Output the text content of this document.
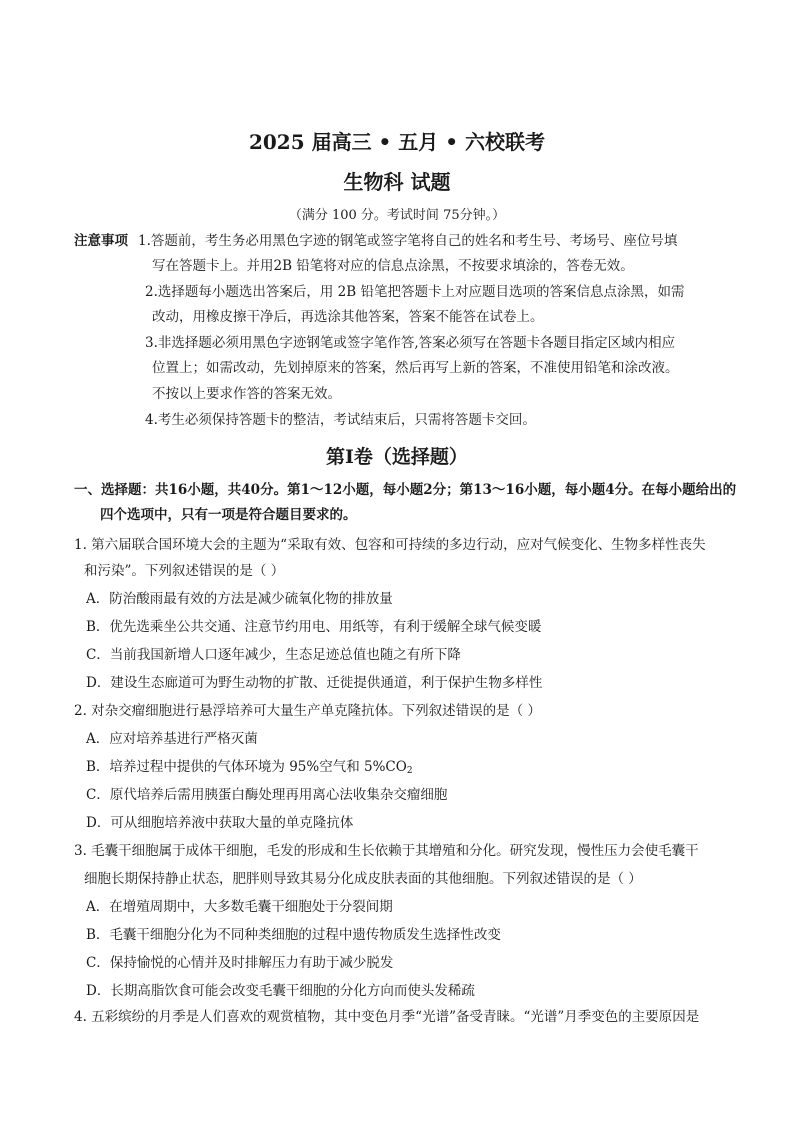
2025 届高三 • 五月 • 六校联考
生物科 试题
（满分 100 分。考试时间 75分钟。）
注意事项 1.答题前，考生务必用黑色字迹的钢笔或签字笔将自己的姓名和考生号、考场号、座位号填
写在答题卡上。并用2B 铅笔将对应的信息点涂黑，不按要求填涂的，答卷无效。
2.选择题每小题选出答案后，用 2B 铅笔把答题卡上对应题目选项的答案信息点涂黑，如需
改动，用橡皮擦干净后，再选涂其他答案，答案不能答在试卷上。
3.非选择题必须用黑色字迹钢笔或签字笔作答,答案必须写在答题卡各题目指定区域内相应
位置上；如需改动，先划掉原来的答案，然后再写上新的答案，不准使用铅笔和涂改液。
不按以上要求作答的答案无效。
4.考生必须保持答题卡的整洁，考试结束后，只需将答题卡交回。
第Ⅰ卷（选择题）
一、选择题：共16小题，共40分。第1～12小题，每小题2分；第13～16小题，每小题4分。在每小题给出的
四个选项中，只有一项是符合题目要求的。
1. 第六届联合国环境大会的主题为“采取有效、包容和可持续的多边行动，应对气候变化、生物多样性丧失
和污染”。下列叙述错误的是（ ）
A．防治酸雨最有效的方法是减少硫氧化物的排放量
B．优先选乘坐公共交通、注意节约用电、用纸等，有利于缓解全球气候变暖
C．当前我国新增人口逐年减少，生态足迹总值也随之有所下降
D．建设生态廊道可为野生动物的扩散、迁徙提供通道，利于保护生物多样性
2. 对杂交瘤细胞进行悬浮培养可大量生产单克隆抗体。下列叙述错误的是（ ）
A．应对培养基进行严格灭菌
B．培养过程中提供的气体环境为 95%空气和 $5\%CO_2$
C．原代培养后需用胰蛋白酶处理再用离心法收集杂交瘤细胞
D．可从细胞培养液中获取大量的单克隆抗体
3. 毛囊干细胞属于成体干细胞，毛发的形成和生长依赖于其增殖和分化。研究发现，慢性压力会使毛囊干
细胞长期保持静止状态，肥胖则导致其易分化成皮肤表面的其他细胞。下列叙述错误的是（ ）
A．在增殖周期中，大多数毛囊干细胞处于分裂间期
B．毛囊干细胞分化为不同种类细胞的过程中遗传物质发生选择性改变
C．保持愉悦的心情并及时排解压力有助于减少脱发
D．长期高脂饮食可能会改变毛囊干细胞的分化方向而使头发稀疏
4. 五彩缤纷的月季是人们喜欢的观赏植物，其中变色月季“光谱”备受青睐。“光谱”月季变色的主要原因是
